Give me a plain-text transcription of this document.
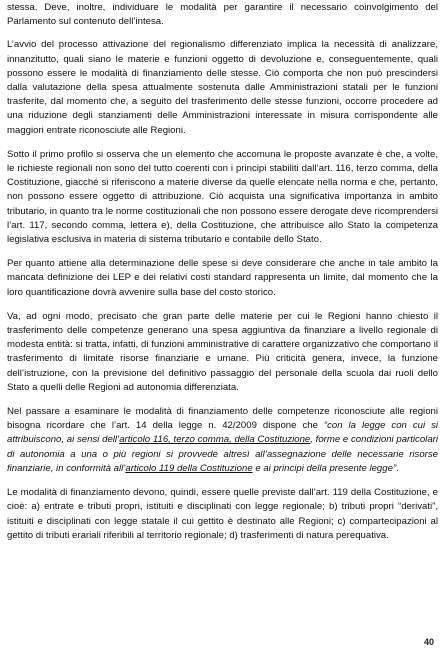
stessa. Deve, inoltre, individuare le modalità per garantire il necessario coinvolgimento del Parlamento sul contenuto dell’intesa.

L’avvio del processo attivazione del regionalismo differenziato implica la necessità di analizzare, innanzitutto, quali siano le materie e funzioni oggetto di devoluzione e, conseguentemente, quali possono essere le modalità di finanziamento delle stesse. Ciò comporta che non può prescindersi dalla valutazione della spesa attualmente sostenuta dalle Amministrazioni statali per le funzioni trasferite, dal momento che, a seguito del trasferimento delle stesse funzioni, occorre procedere ad una riduzione degli stanziamenti delle Amministrazioni interessate in misura corrispondente alle maggiori entrate riconosciute alle Regioni.

Sotto il primo profilo si osserva che un elemento che accomuna le proposte avanzate è che, a volte, le richieste regionali non sono del tutto coerenti con i principi stabiliti dall’art. 116, terzo comma, della Costituzione, giacché si riferiscono a materie diverse da quelle elencate nella norma e che, pertanto, non possono essere oggetto di attribuzione. Ciò acquista una significativa importanza in ambito tributario, in quanto tra le norme costituzionali che non possono essere derogate deve ricomprendersi l’art. 117, secondo comma, lettera e), della Costituzione, che attribuisce allo Stato la competenza legislativa esclusiva in materia di sistema tributario e contabile dello Stato.

Per quanto attiene alla determinazione delle spese si deve considerare che anche in tale ambito la mancata definizione dei LEP e dei relativi costi standard rappresenta un limite, dal momento che la loro quantificazione dovrà avvenire sulla base del costo storico.

Va, ad ogni modo, precisato che gran parte delle materie per cui le Regioni hanno chiesto il trasferimento delle competenze generano una spesa aggiuntiva da finanziare a livello regionale di modesta entità: si tratta, infatti, di funzioni amministrative di carattere organizzativo che comportano il trasferimento di limitate risorse finanziarie e umane. Più criticità genera, invece, la funzione dell’istruzione, con la previsione del definitivo passaggio del personale della scuola dai ruoli dello Stato a quelli delle Regioni ad autonomia differenziata.

Nel passare a esaminare le modalità di finanziamento delle competenze riconosciute alle regioni bisogna ricordare che l’art. 14 della legge n. 42/2009 dispone che “con la legge con cui si attribuiscono, ai sensi dell’articolo 116, terzo comma, della Costituzione, forme e condizioni particolari di autonomia a una o più regioni si provvede altresì all’assegnazione delle necessarie risorse finanziarie, in conformità all’articolo 119 della Costituzione e ai principi della presente legge”.

Le modalità di finanziamento devono, quindi, essere quelle previste dall’art. 119 della Costituzione, e cioè: a) entrate e tributi propri, istituiti e disciplinati con legge regionale; b) tributi propri “derivati”, istituiti e disciplinati con legge statale il cui gettito è destinato alle Regioni; c) compartecipazioni al gettito di tributi erariali riferibili al territorio regionale; d) trasferimenti di natura perequativa.

40
